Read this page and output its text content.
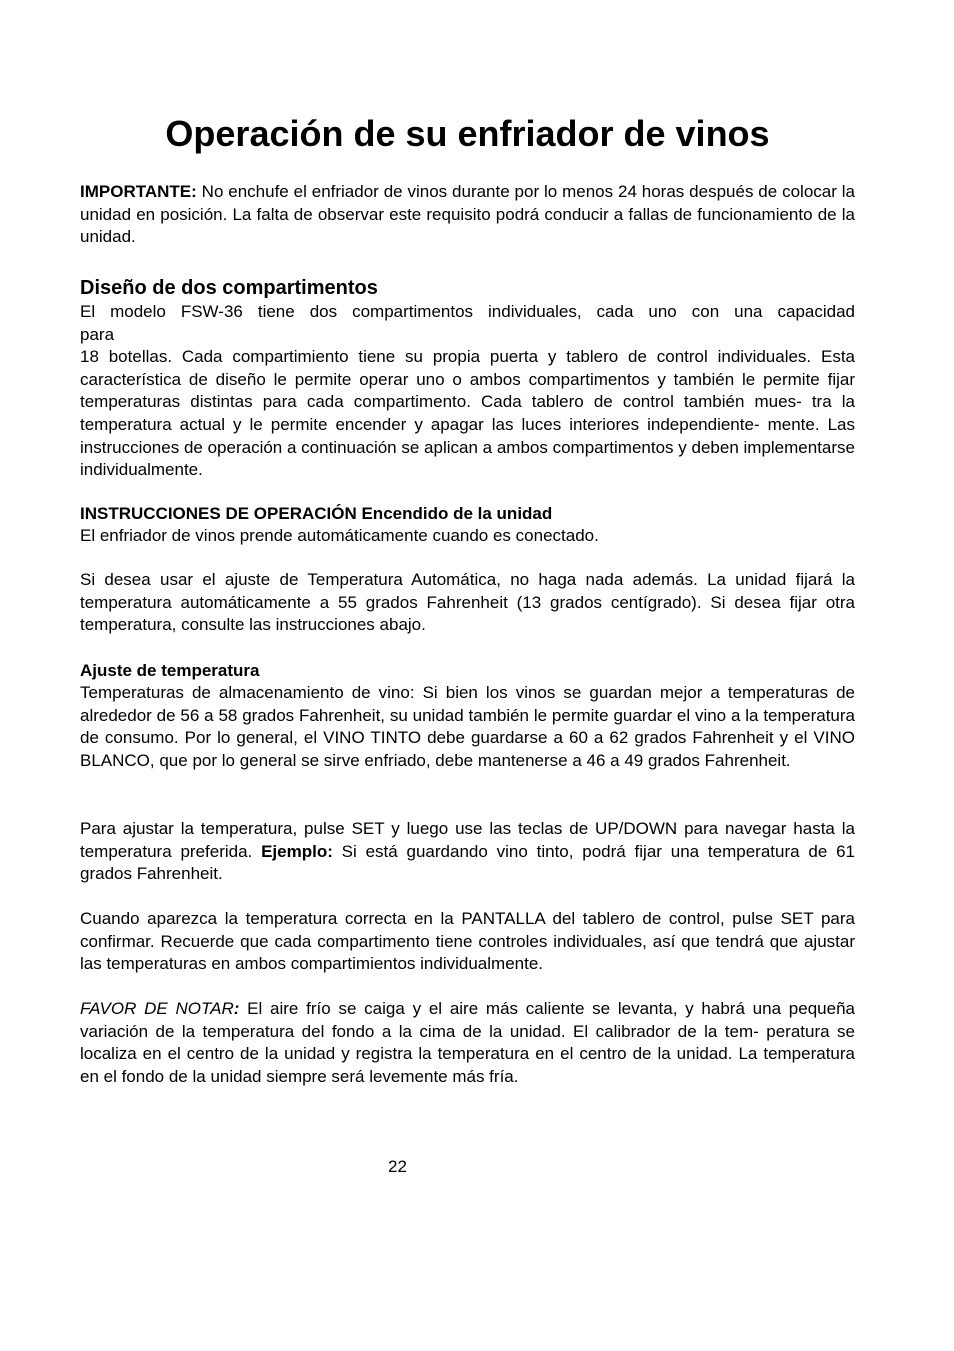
Operación de su enfriador de vinos

IMPORTANTE: No enchufe el enfriador de vinos durante por lo menos 24 horas después de colocar la unidad en posición. La falta de observar este requisito podrá conducir a fallas de funcionamiento de la unidad.

Diseño de dos compartimentos

El modelo FSW-36 tiene dos compartimentos individuales, cada uno con una capacidad
para
18 botellas. Cada compartimiento tiene su propia puerta y tablero de control individuales. Esta característica de diseño le permite operar uno o ambos compartimentos y también le permite fijar temperaturas distintas para cada compartimento. Cada tablero de control también mues- tra la temperatura actual y le permite encender y apagar las luces interiores independiente- mente. Las instrucciones de operación a continuación se aplican a ambos compartimentos y deben implementarse individualmente.

INSTRUCCIONES DE OPERACIÓN Encendido de la unidad

El enfriador de vinos prende automáticamente cuando es conectado.

Si desea usar el ajuste de Temperatura Automática, no haga nada además. La unidad fijará la temperatura automáticamente a 55 grados Fahrenheit (13 grados centígrado). Si desea fijar otra temperatura, consulte las instrucciones abajo.

Ajuste de temperatura

Temperaturas de almacenamiento de vino: Si bien los vinos se guardan mejor a temperaturas de alrededor de 56 a 58 grados Fahrenheit, su unidad también le permite guardar el vino a la temperatura de consumo. Por lo general, el VINO TINTO debe guardarse a 60 a 62 grados Fahrenheit y el VINO BLANCO, que por lo general se sirve enfriado, debe mantenerse a 46 a 49 grados Fahrenheit.

Para ajustar la temperatura, pulse SET y luego use las teclas de UP/DOWN para navegar hasta la temperatura preferida. Ejemplo: Si está guardando vino tinto, podrá fijar una temperatura de 61 grados Fahrenheit.

Cuando aparezca la temperatura correcta en la PANTALLA del tablero de control, pulse SET para confirmar. Recuerde que cada compartimento tiene controles individuales, así que tendrá que ajustar las temperaturas en ambos compartimientos individualmente.

FAVOR DE NOTAR: El aire frío se caiga y el aire más caliente se levanta, y habrá una pequeña variación de la temperatura del fondo a la cima de la unidad. El calibrador de la tem- peratura se localiza en el centro de la unidad y registra la temperatura en el centro de la unidad. La temperatura en el fondo de la unidad siempre será levemente más fría.

22
